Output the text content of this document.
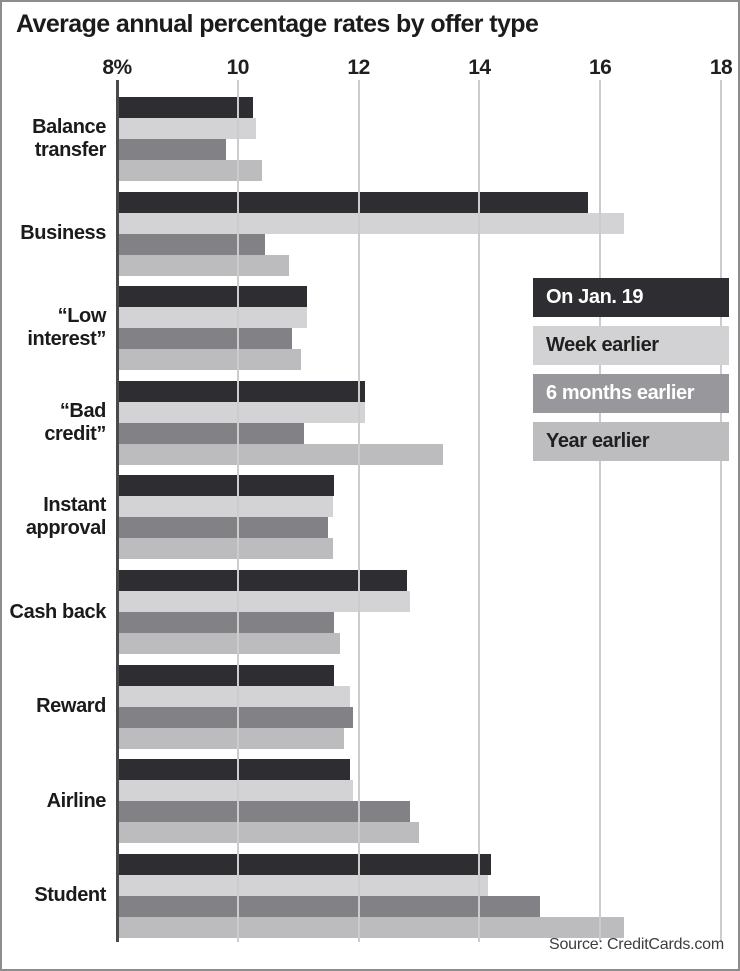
Average annual percentage rates by offer type
Source: CreditCards.com
Balance transfer
Business
“Low interest”
“Bad credit”
Instant approval
Cash back
Reward
Airline
Student
8%	10	12	14	16	18
On Jan. 19
Week earlier
6 months earlier
Year earlier
